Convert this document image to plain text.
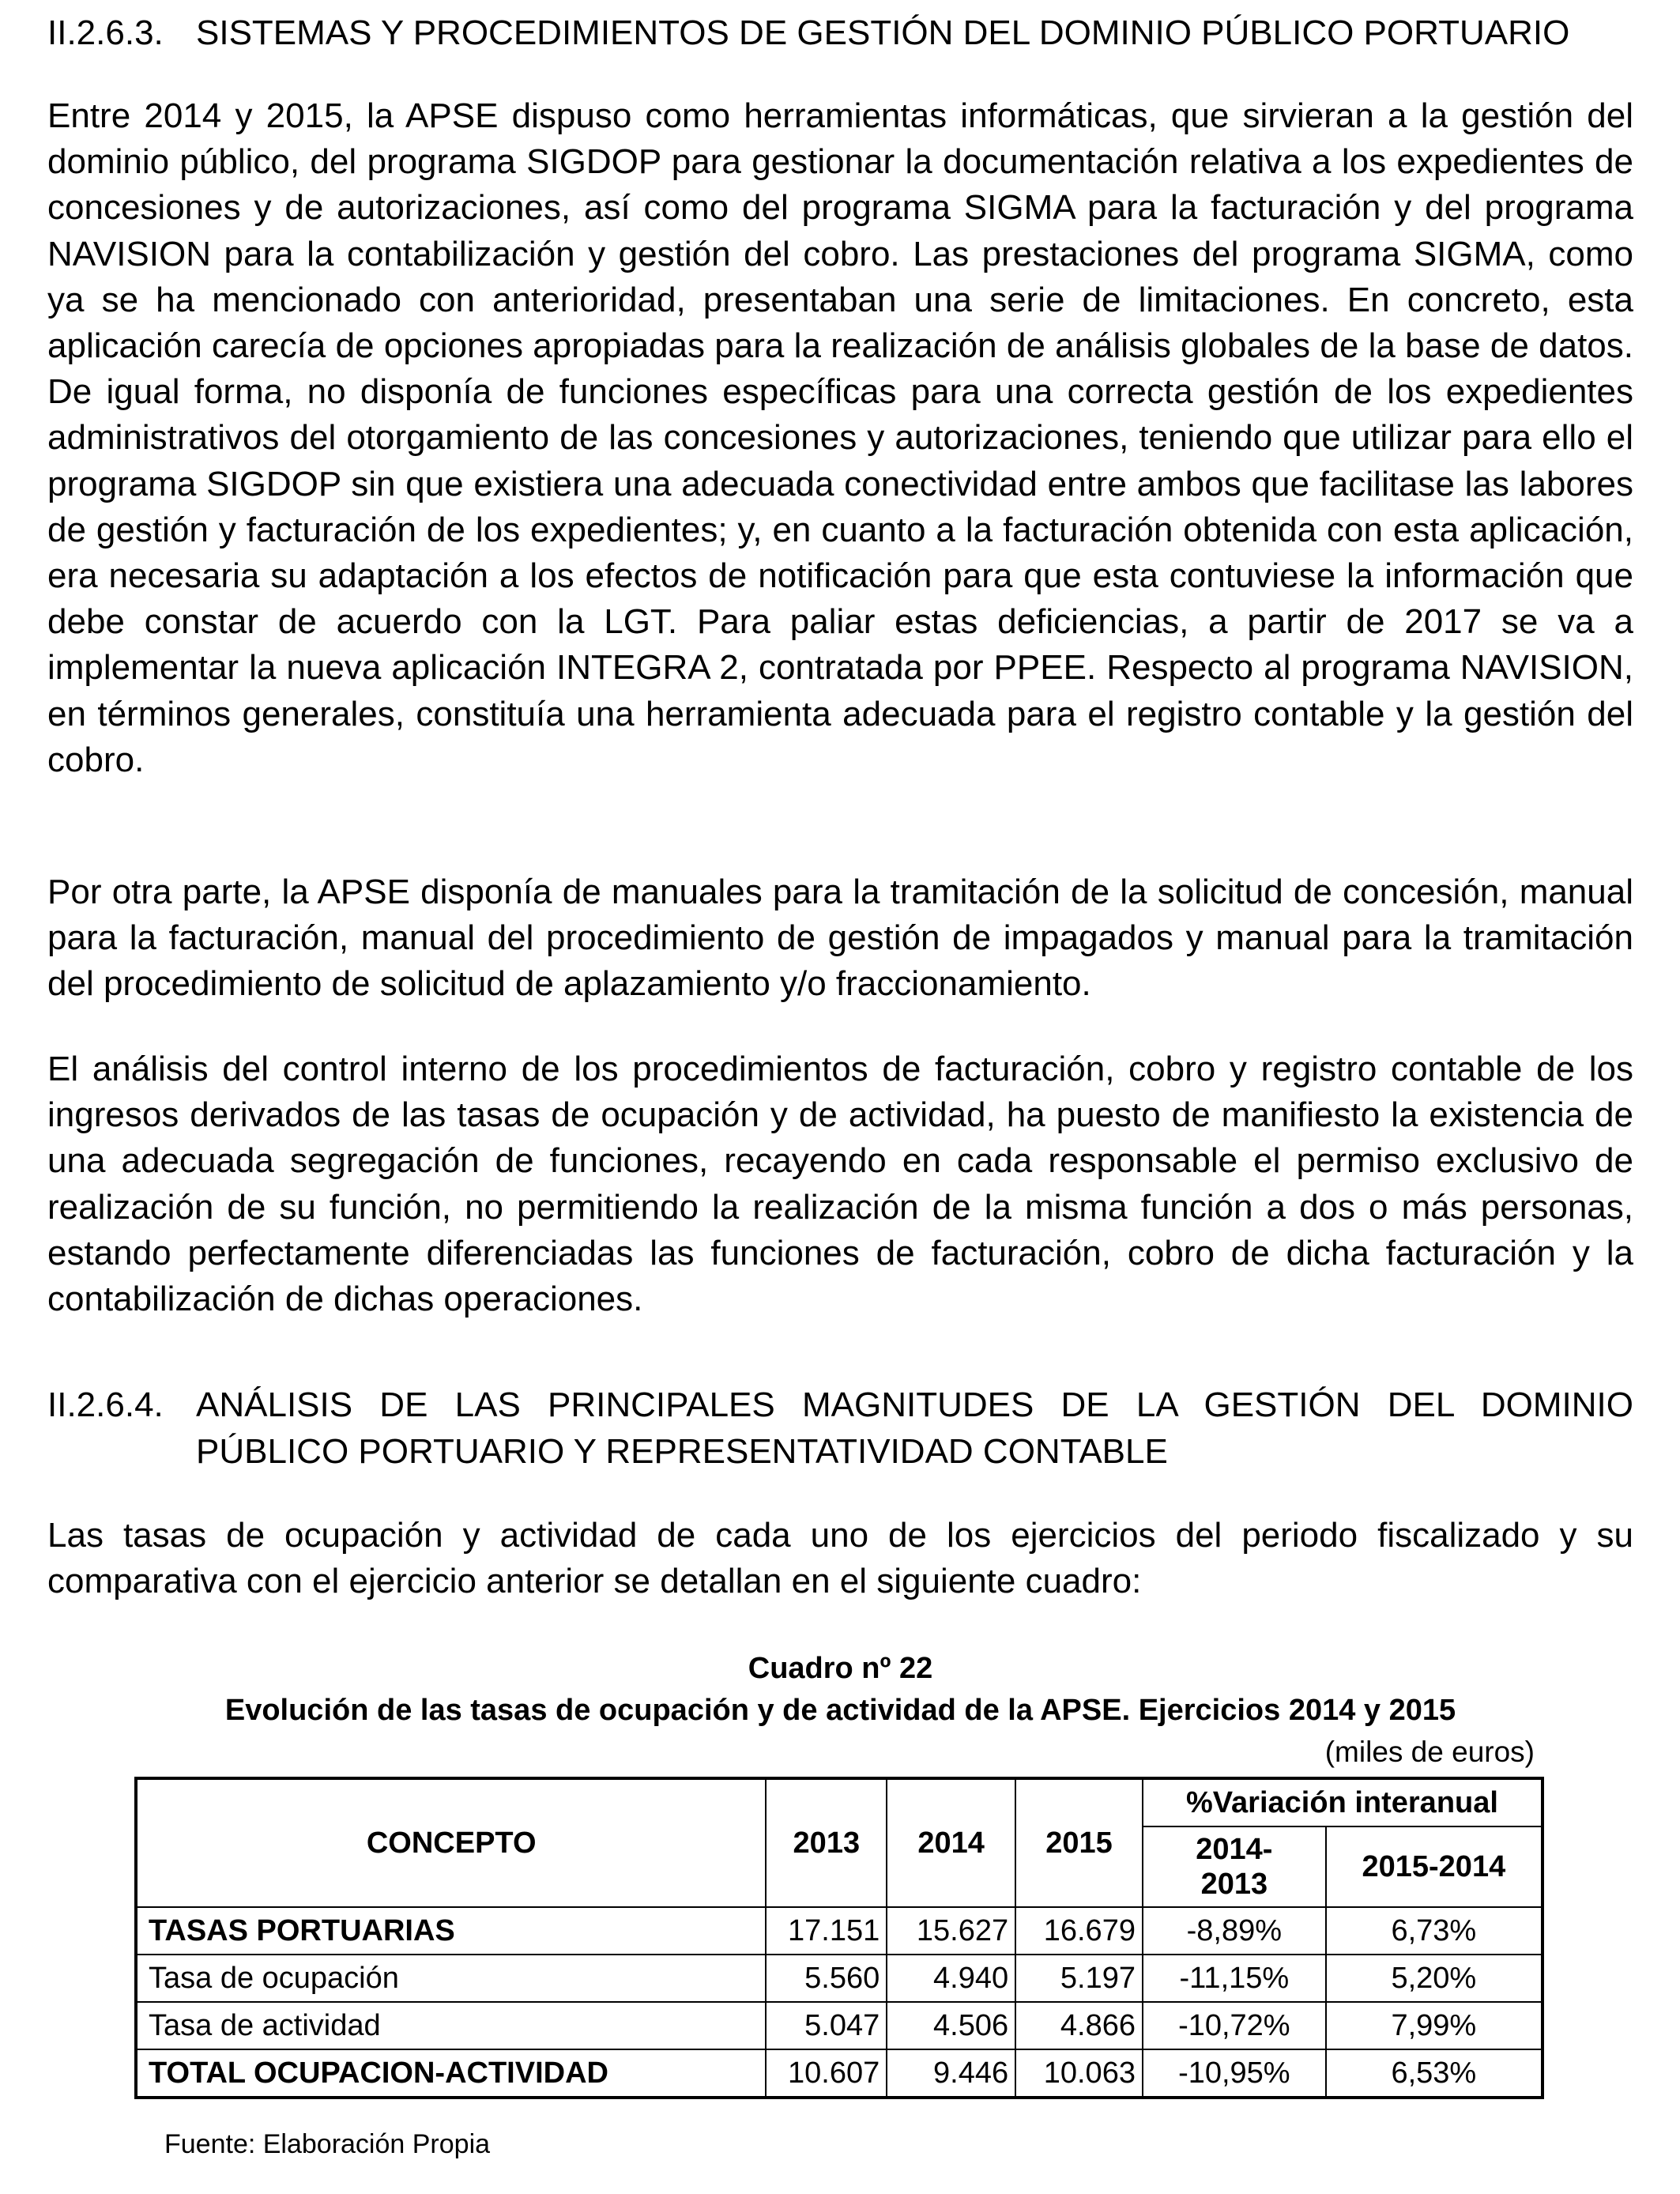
II.2.6.3. SISTEMAS Y PROCEDIMIENTOS DE GESTIÓN DEL DOMINIO PÚBLICO PORTUARIO

Entre 2014 y 2015, la APSE dispuso como herramientas informáticas, que sirvieran a la gestión del dominio público, del programa SIGDOP para gestionar la documentación relativa a los expedientes de concesiones y de autorizaciones, así como del programa SIGMA para la facturación y del programa NAVISION para la contabilización y gestión del cobro. Las prestaciones del programa SIGMA, como ya se ha mencionado con anterioridad, presentaban una serie de limitaciones. En concreto, esta aplicación carecía de opciones apropiadas para la realización de análisis globales de la base de datos. De igual forma, no disponía de funciones específicas para una correcta gestión de los expedientes administrativos del otorgamiento de las concesiones y autorizaciones, teniendo que utilizar para ello el programa SIGDOP sin que existiera una adecuada conectividad entre ambos que facilitase las labores de gestión y facturación de los expedientes; y, en cuanto a la facturación obtenida con esta aplicación, era necesaria su adaptación a los efectos de notificación para que esta contuviese la información que debe constar de acuerdo con la LGT. Para paliar estas deficiencias, a partir de 2017 se va a implementar la nueva aplicación INTEGRA 2, contratada por PPEE. Respecto al programa NAVISION, en términos generales, constituía una herramienta adecuada para el registro contable y la gestión del cobro.

Por otra parte, la APSE disponía de manuales para la tramitación de la solicitud de concesión, manual para la facturación, manual del procedimiento de gestión de impagados y manual para la tramitación del procedimiento de solicitud de aplazamiento y/o fraccionamiento.

El análisis del control interno de los procedimientos de facturación, cobro y registro contable de los ingresos derivados de las tasas de ocupación y de actividad, ha puesto de manifiesto la existencia de una adecuada segregación de funciones, recayendo en cada responsable el permiso exclusivo de realización de su función, no permitiendo la realización de la misma función a dos o más personas, estando perfectamente diferenciadas las funciones de facturación, cobro de dicha facturación y la contabilización de dichas operaciones.

II.2.6.4. ANÁLISIS DE LAS PRINCIPALES MAGNITUDES DE LA GESTIÓN DEL DOMINIO PÚBLICO PORTUARIO Y REPRESENTATIVIDAD CONTABLE

Las tasas de ocupación y actividad de cada uno de los ejercicios del periodo fiscalizado y su comparativa con el ejercicio anterior se detallan en el siguiente cuadro:

Cuadro nº 22
Evolución de las tasas de ocupación y de actividad de la APSE. Ejercicios 2014 y 2015
(miles de euros)
CONCEPTO	2013	2014	2015	%Variación interanual	
				2014-2013	2015-2014
TASAS PORTUARIAS	17.151	15.627	16.679	-8,89%	6,73%
Tasa de ocupación	5.560	4.940	5.197	-11,15%	5,20%
Tasa de actividad	5.047	4.506	4.866	-10,72%	7,99%
TOTAL OCUPACION-ACTIVIDAD	10.607	9.446	10.063	-10,95%	6,53%
Fuente: Elaboración Propia
